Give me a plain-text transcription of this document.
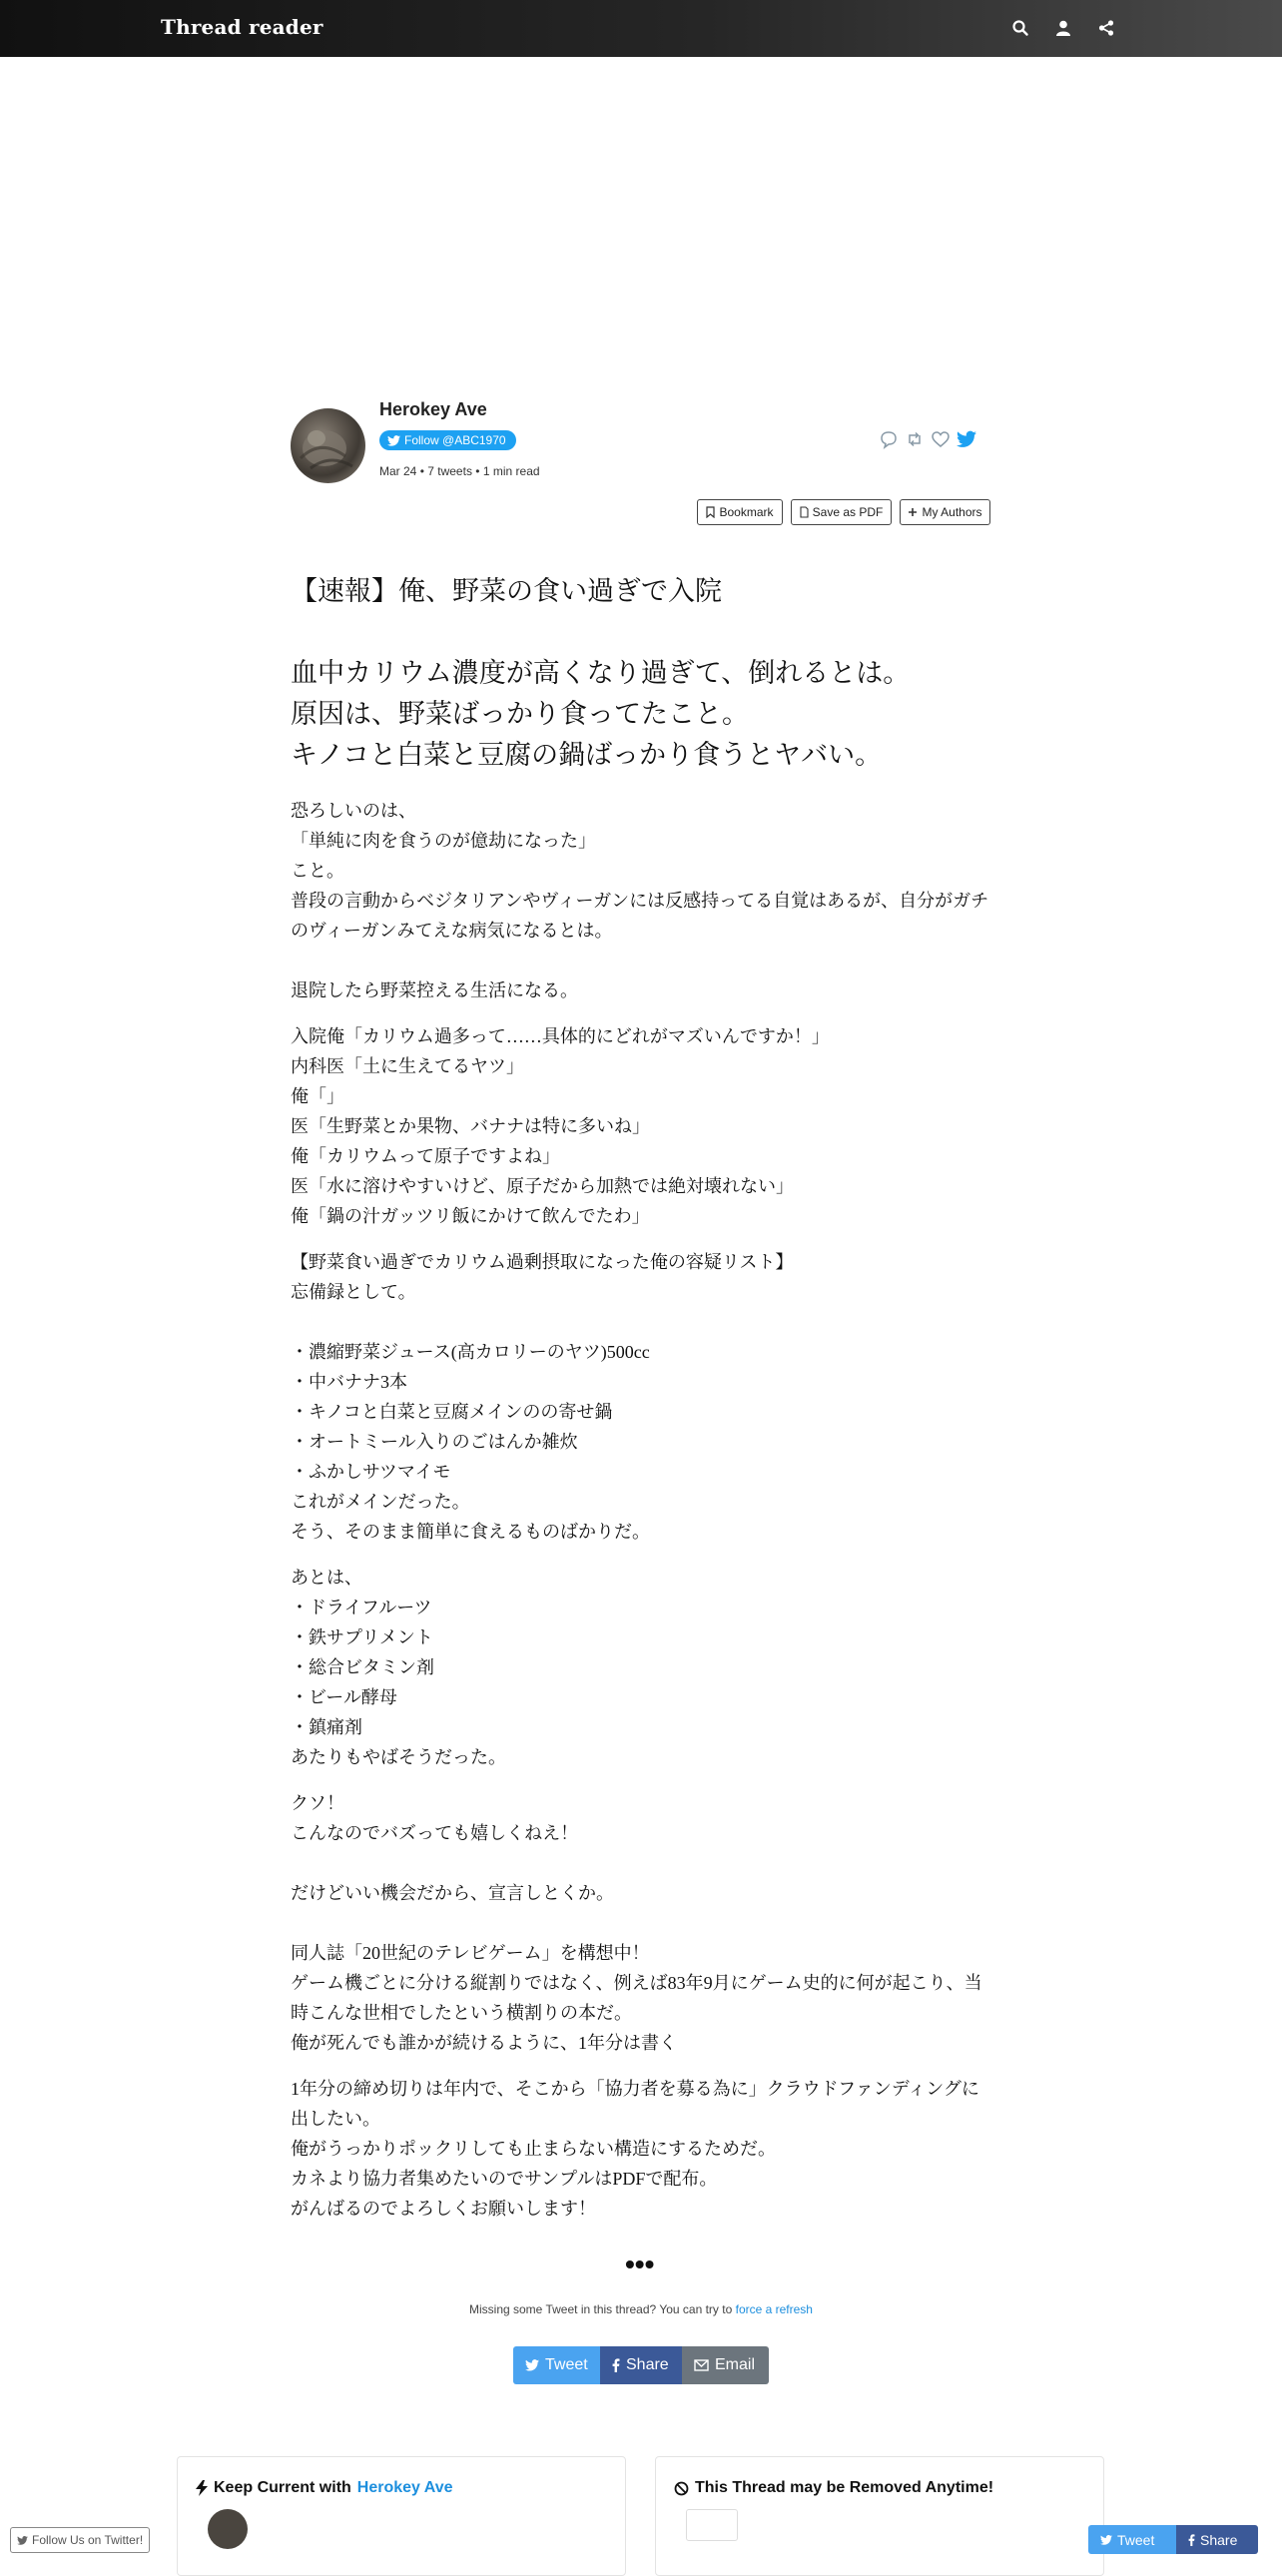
Thread reader
Herokey Ave
Follow @ABC1970
Mar 24 • 7 tweets • 1 min read
Bookmark	Save as PDF	My Authors
【速報】俺、野菜の食い過ぎで入院

血中カリウム濃度が高くなり過ぎて、倒れるとは。
原因は、野菜ばっかり食ってたこと。
キノコと白菜と豆腐の鍋ばっかり食うとヤバい。
恐ろしいのは、
「単純に肉を食うのが億劫になった」
こと。
普段の言動からベジタリアンやヴィーガンには反感持ってる自覚はあるが、自分がガチのヴィーガンみてえな病気になるとは。

退院したら野菜控える生活になる。
入院俺「カリウム過多って……具体的にどれがマズいんですか！」
内科医「土に生えてるヤツ」
俺「」
医「生野菜とか果物、バナナは特に多いね」
俺「カリウムって原子ですよね」
医「水に溶けやすいけど、原子だから加熱では絶対壊れない」
俺「鍋の汁ガッツリ飯にかけて飲んでたわ」
【野菜食い過ぎでカリウム過剰摂取になった俺の容疑リスト】
忘備録として。

・濃縮野菜ジュース(高カロリーのヤツ)500cc
・中バナナ3本
・キノコと白菜と豆腐メインのの寄せ鍋
・オートミール入りのごはんか雑炊
・ふかしサツマイモ
これがメインだった。
そう、そのまま簡単に食えるものばかりだ。
あとは、
・ドライフルーツ
・鉄サプリメント
・総合ビタミン剤
・ビール酵母
・鎮痛剤
あたりもやばそうだった。
クソ！
こんなのでバズっても嬉しくねえ！

だけどいい機会だから、宣言しとくか。

同人誌「20世紀のテレビゲーム」を構想中！
ゲーム機ごとに分ける縦割りではなく、例えば83年9月にゲーム史的に何が起こり、当時こんな世相でしたという横割りの本だ。
俺が死んでも誰かが続けるように、1年分は書く
1年分の締め切りは年内で、そこから「協力者を募る為に」クラウドファンディングに出したい。
俺がうっかりポックリしても止まらない構造にするためだ。
カネより協力者集めたいのでサンプルはPDFで配布。
がんばるのでよろしくお願いします！
•••
Missing some Tweet in this thread? You can try to force a refresh
Tweet Share	Email
Keep Current with Herokey Ave	This Thread may be Removed Anytime!
Follow Us on Twitter!	Tweet	Share
